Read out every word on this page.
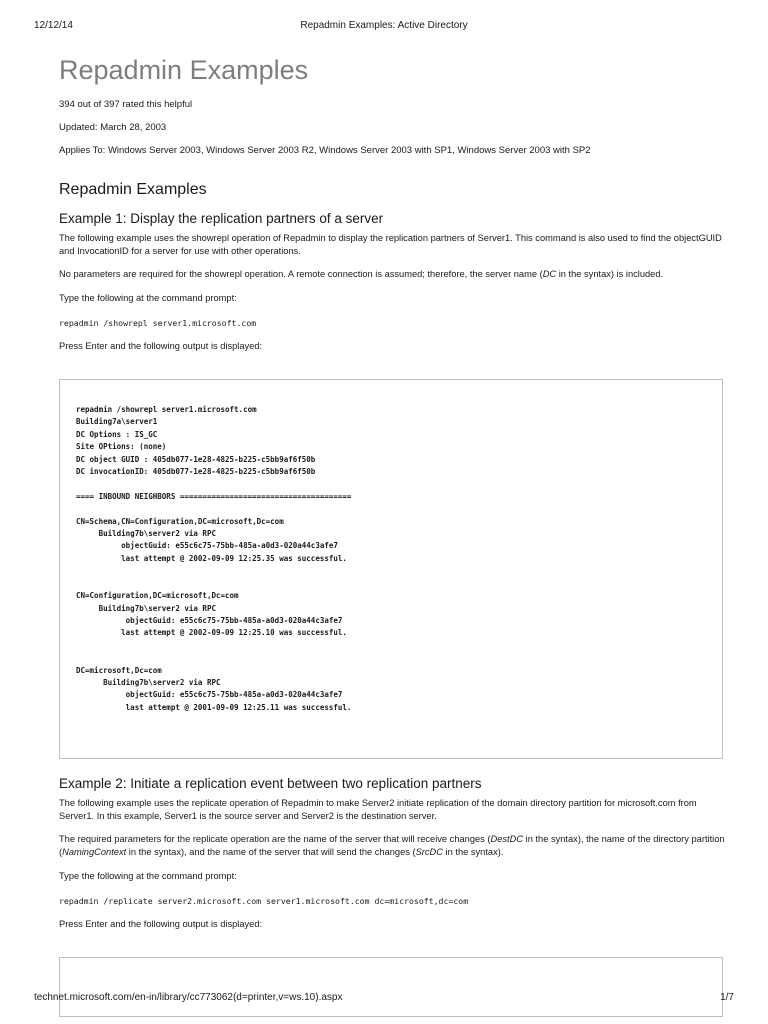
12/12/14	Repadmin Examples: Active Directory
Repadmin Examples
394 out of 397 rated this helpful
Updated: March 28, 2003
Applies To: Windows Server 2003, Windows Server 2003 R2, Windows Server 2003 with SP1, Windows Server 2003 with SP2
Repadmin Examples
Example 1: Display the replication partners of a server

The following example uses the showrepl operation of Repadmin to display the replication partners of Server1. This command is also used to find the objectGUID and InvocationID for a server for use with other operations.

No parameters are required for the showrepl operation. A remote connection is assumed; therefore, the server name (DC in the syntax) is included.

Type the following at the command prompt:

repadmin /showrepl server1.microsoft.com

Press Enter and the following output is displayed:

repadmin /showrepl server1.microsoft.com
Building7a\server1
DC Options : IS_GC
Site OPtions: (none)
DC object GUID : 405db077-1e28-4825-b225-c5bb9af6f50b
DC invocationID: 405db077-1e28-4825-b225-c5bb9af6f50b

==== INBOUND NEIGHBORS ======================================

CN=Schema,CN=Configuration,DC=microsoft,Dc=com
Building7b\server2 via RPC
objectGuid: e55c6c75-75bb-485a-a0d3-020a44c3afe7
last attempt @ 2002-09-09 12:25.35 was successful.

CN=Configuration,DC=microsoft,Dc=com
Building7b\server2 via RPC
objectGuid: e55c6c75-75bb-485a-a0d3-020a44c3afe7
last attempt @ 2002-09-09 12:25.10 was successful.

DC=microsoft,Dc=com
Building7b\server2 via RPC
objectGuid: e55c6c75-75bb-485a-a0d3-020a44c3afe7
last attempt @ 2001-09-09 12:25.11 was successful.
Example 2: Initiate a replication event between two replication partners

The following example uses the replicate operation of Repadmin to make Server2 initiate replication of the domain directory partition for microsoft.com from Server1. In this example, Server1 is the source server and Server2 is the destination server.

The required parameters for the replicate operation are the name of the server that will receive changes (DestDC in the syntax), the name of the directory partition (NamingContext in the syntax), and the name of the server that will send the changes (SrcDC in the syntax).

Type the following at the command prompt:

repadmin /replicate server2.microsoft.com server1.microsoft.com dc=microsoft,dc=com

Press Enter and the following output is displayed:

technet.microsoft.com/en-in/library/cc773062(d=printer,v=ws.10).aspx	1/7
